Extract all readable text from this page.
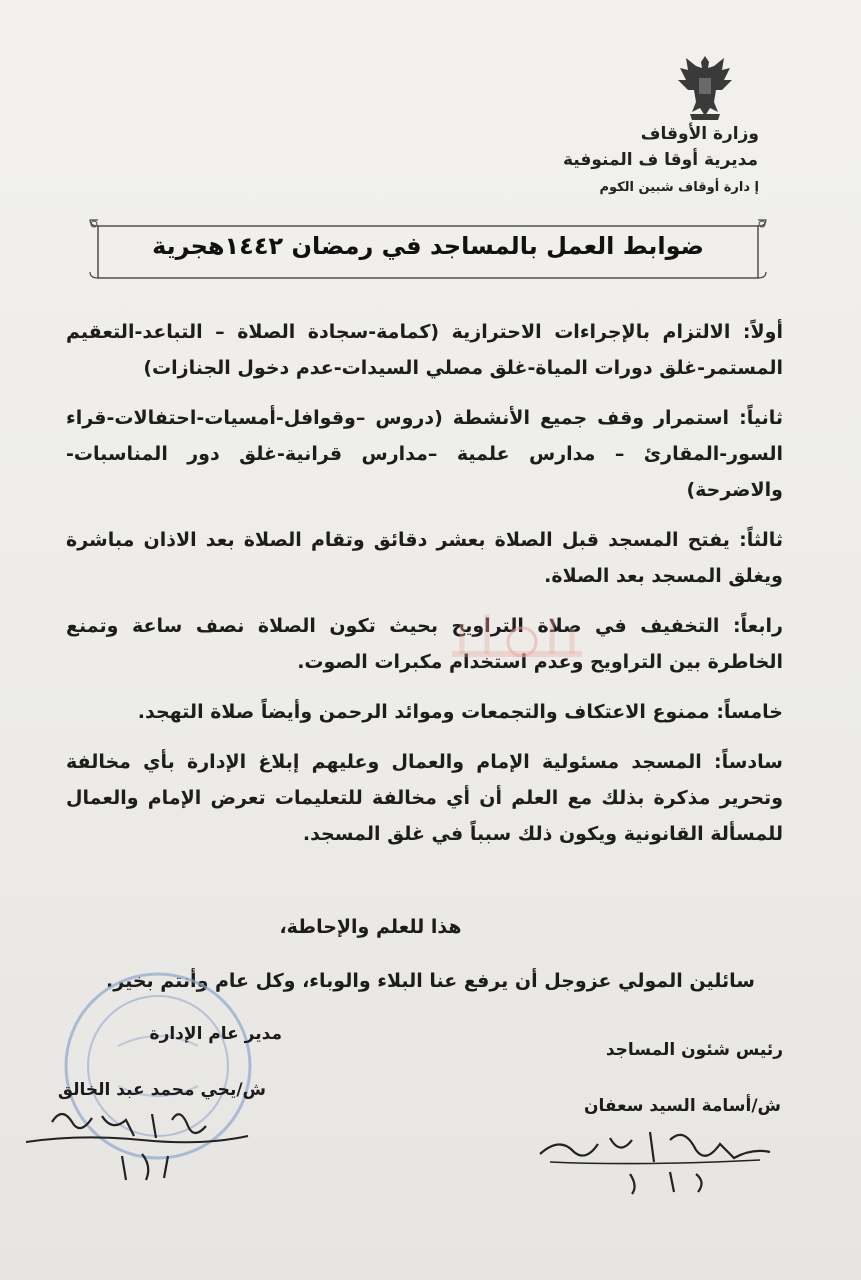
وزارة الأوقاف
مديرية أوقا ف المنوفية
إ دارة أوقاف شبين الكوم
ضوابط العمل بالمساجد في رمضان ١٤٤٢هجرية

أولاً: الالتزام بالإجراءات الاحترازية (كمامة-سجادة الصلاة – التباعد-التعقيم المستمر-غلق دورات المياة-غلق مصلي السيدات-عدم دخول الجنازات)

ثانياً: استمرار وقف جميع الأنشطة (دروس –وقوافل-أمسيات-احتفالات-قراء السور-المقارئ – مدارس علمية –مدارس قرانية-غلق دور المناسبات-والاضرحة)

ثالثاً: يفتح المسجد قبل الصلاة بعشر دقائق وتقام الصلاة بعد الاذان مباشرة ويغلق المسجد بعد الصلاة.

رابعاً: التخفيف في صلاة التراويح بحيث تكون الصلاة نصف ساعة وتمنع الخاطرة بين التراويح وعدم استخدام مكبرات الصوت.

خامساً: ممنوع الاعتكاف والتجمعات وموائد الرحمن وأيضاً صلاة التهجد.

سادساً: المسجد مسئولية الإمام والعمال وعليهم إبلاغ الإدارة بأي مخالفة وتحرير مذكرة بذلك مع العلم أن أي مخالفة للتعليمات تعرض الإمام والعمال للمسألة القانونية ويكون ذلك سبباً في غلق المسجد.

هذا للعلم والإحاطة،
سائلين المولي عزوجل أن يرفع عنا البلاء والوباء، وكل عام وأنتم بخير.
مدير عام الإدارة
ش/يحي محمد عبد الخالق
رئيس شئون المساجد
ش/أسامة السيد سعفان
